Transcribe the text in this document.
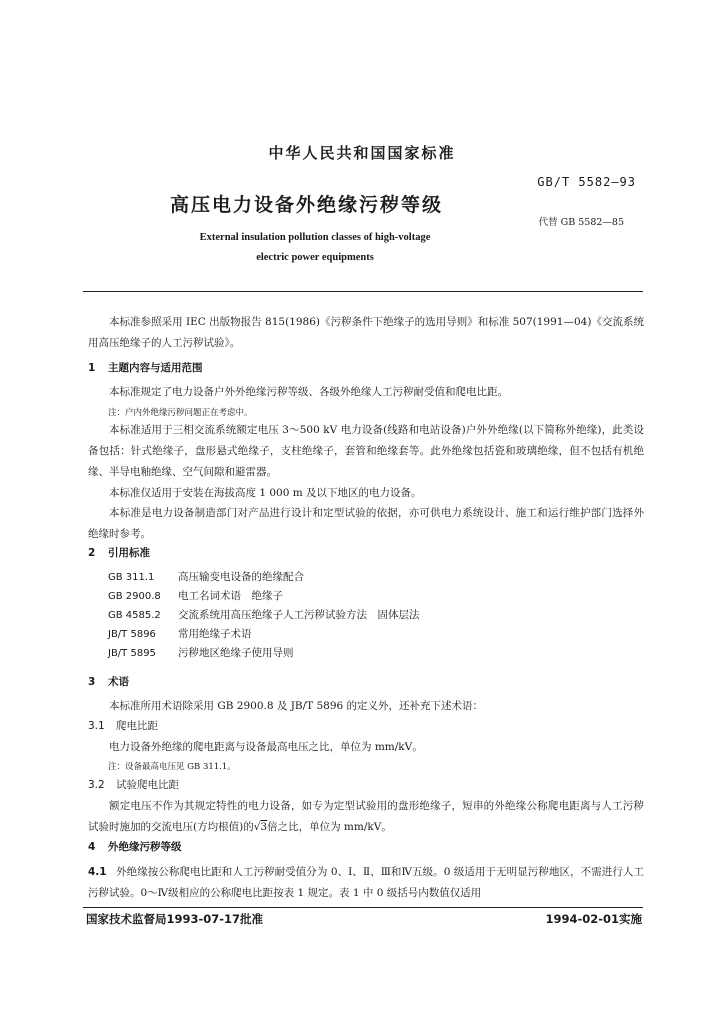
中华人民共和国国家标准
GB/T 5582—93
高压电力设备外绝缘污秽等级
代替 GB 5582—85
External insulation pollution classes of high-voltage
electric power equipments
本标准参照采用 IEC 出版物报告 815(1986)《污秽条件下绝缘子的选用导则》和标准 507(1991—04)《交流系统用高压绝缘子的人工污秽试验》。
1 主题内容与适用范围
本标准规定了电力设备户外外绝缘污秽等级、各级外绝缘人工污秽耐受值和爬电比距。
注：户内外绝缘污秽问题正在考虑中。
本标准适用于三相交流系统额定电压 3～500 kV 电力设备(线路和电站设备)户外外绝缘(以下简称外绝缘)，此类设备包括：针式绝缘子，盘形悬式绝缘子，支柱绝缘子，套管和绝缘套等。此外绝缘包括瓷和玻璃绝缘，但不包括有机绝缘、半导电釉绝缘、空气间隙和避雷器。
本标准仅适用于安装在海拔高度 1 000 m 及以下地区的电力设备。
本标准是电力设备制造部门对产品进行设计和定型试验的依据，亦可供电力系统设计、施工和运行维护部门选择外绝缘时参考。
2 引用标准
GB 311.1 高压输变电设备的绝缘配合
GB 2900.8 电工名词术语　绝缘子
GB 4585.2 交流系统用高压绝缘子人工污秽试验方法　固体层法
JB/T 5896 常用绝缘子术语
JB/T 5895 污秽地区绝缘子使用导则
3 术语
本标准所用术语除采用 GB 2900.8 及 JB/T 5896 的定义外，还补充下述术语：
3.1 爬电比距
电力设备外绝缘的爬电距离与设备最高电压之比，单位为 mm/kV。
注：设备最高电压见 GB 311.1。
3.2 试验爬电比距
额定电压不作为其规定特性的电力设备，如专为定型试验用的盘形绝缘子，短串的外绝缘公称爬电距离与人工污秽试验时施加的交流电压(方均根值)的√3倍之比，单位为 mm/kV。
4 外绝缘污秽等级
4.1 外绝缘按公称爬电比距和人工污秽耐受值分为 0、Ⅰ、Ⅱ、Ⅲ和Ⅳ五级。0 级适用于无明显污秽地区，不需进行人工污秽试验。0～Ⅳ级相应的公称爬电比距按表 1 规定。表 1 中 0 级括号内数值仅适用
国家技术监督局1993-07-17批准	1994-02-01实施
